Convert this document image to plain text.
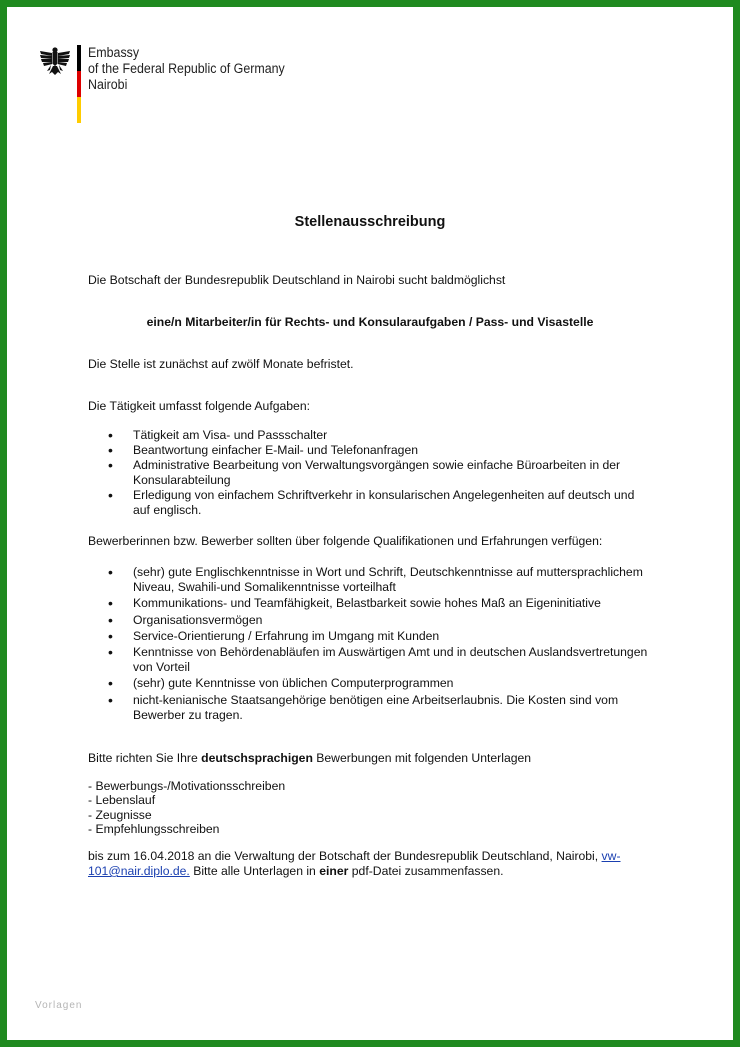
Embassy
of the Federal Republic of Germany
Nairobi
Stellenausschreibung
Die Botschaft der Bundesrepublik Deutschland in Nairobi sucht baldmöglichst
eine/n Mitarbeiter/in für Rechts- und Konsularaufgaben / Pass- und Visastelle
Die Stelle ist zunächst auf zwölf Monate befristet.
Die Tätigkeit umfasst folgende Aufgaben:
• Tätigkeit am Visa- und Passschalter
• Beantwortung einfacher E-Mail- und Telefonanfragen
• Administrative Bearbeitung von Verwaltungsvorgängen sowie einfache Büroarbeiten in der Konsularabteilung
• Erledigung von einfachem Schriftverkehr in konsularischen Angelegenheiten auf deutsch und auf englisch.
Bewerberinnen bzw. Bewerber sollten über folgende Qualifikationen und Erfahrungen verfügen:
• (sehr) gute Englischkenntnisse in Wort und Schrift, Deutschkenntnisse auf muttersprachlichem Niveau, Swahili-und Somalikenntnisse vorteilhaft
• Kommunikations- und Teamfähigkeit, Belastbarkeit sowie hohes Maß an Eigeninitiative
• Organisationsvermögen
• Service-Orientierung / Erfahrung im Umgang mit Kunden
• Kenntnisse von Behördenabläufen im Auswärtigen Amt und in deutschen Auslandsvertretungen von Vorteil
• (sehr) gute Kenntnisse von üblichen Computerprogrammen
• nicht-kenianische Staatsangehörige benötigen eine Arbeitserlaubnis. Die Kosten sind vom Bewerber zu tragen.
Bitte richten Sie Ihre deutschsprachigen Bewerbungen mit folgenden Unterlagen
- Bewerbungs-/Motivationsschreiben
- Lebenslauf
- Zeugnisse
- Empfehlungsschreiben
bis zum 16.04.2018 an die Verwaltung der Botschaft der Bundesrepublik Deutschland, Nairobi, vw-101@nair.diplo.de. Bitte alle Unterlagen in einer pdf-Datei zusammenfassen.
Vorlagen
